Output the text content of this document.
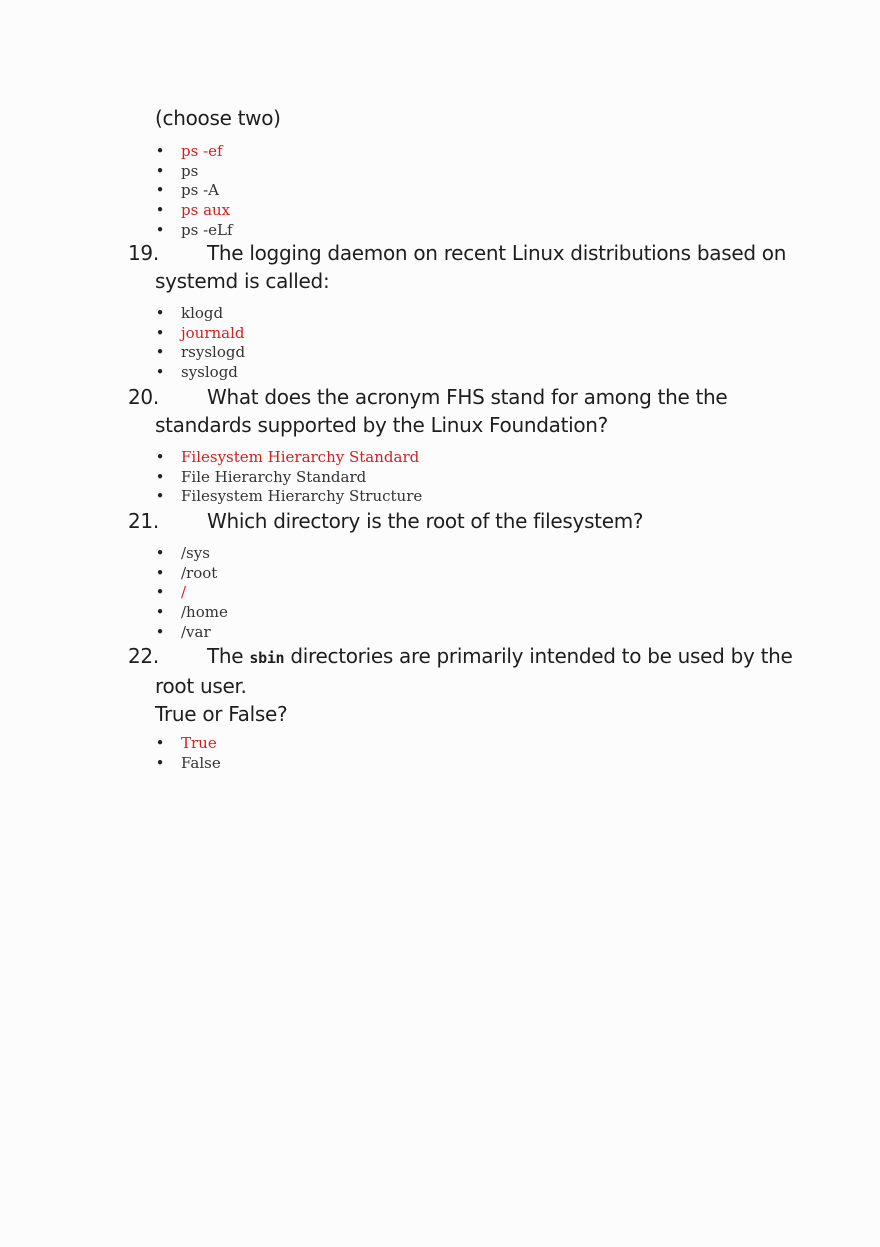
(choose two)
• ps -ef
• ps
• ps -A
• ps aux
• ps -eLf
19.	The logging daemon on recent Linux distributions based on
systemd is called:
• klogd
• journald
• rsyslogd
• syslogd
20.	What does the acronym FHS stand for among the the
standards supported by the Linux Foundation?
• Filesystem Hierarchy Standard
• File Hierarchy Standard
• Filesystem Hierarchy Structure
21.	Which directory is the root of the filesystem?
• /sys
• /root
• /
• /home
• /var
22.	The sbin directories are primarily intended to be used by the
root user.
True or False?
• True
• False
